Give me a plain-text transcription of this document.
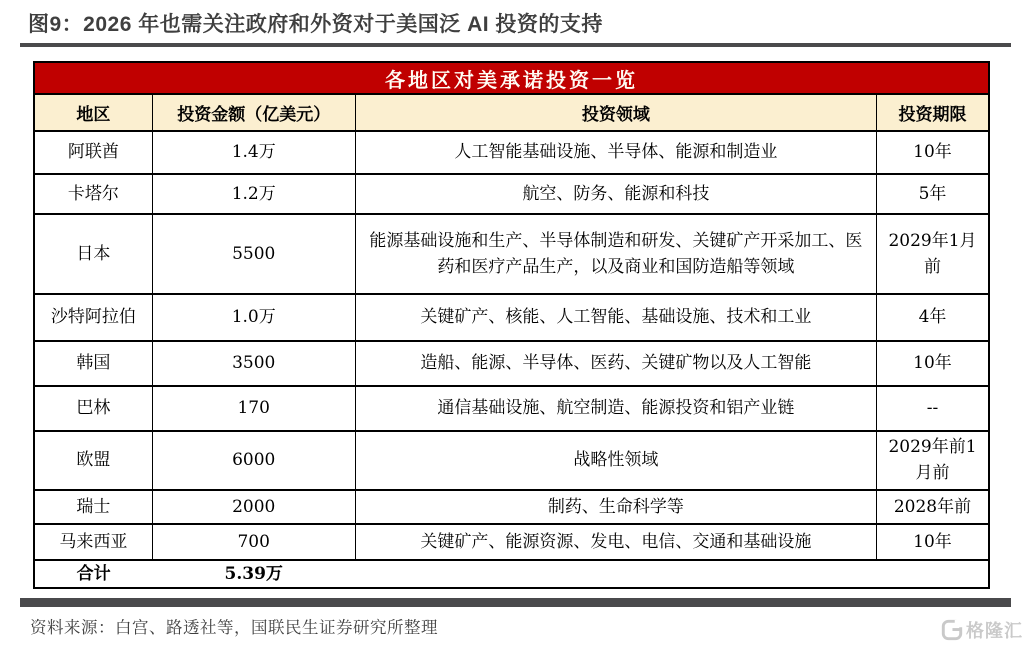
图9：2026 年也需关注政府和外资对于美国泛 AI 投资的支持
各地区对美承诺投资一览			
地区	投资金额（亿美元）	投资领域	投资期限
阿联酋	1.4万	人工智能基础设施、半导体、能源和制造业	10年
卡塔尔	1.2万	航空、防务、能源和科技	5年
日本	5500	能源基础设施和生产、半导体制造和研发、关键矿产开采加工、医药和医疗产品生产，以及商业和国防造船等领域	2029年1月前
沙特阿拉伯	1.0万	关键矿产、核能、人工智能、基础设施、技术和工业	4年
韩国	3500	造船、能源、半导体、医药、关键矿物以及人工智能	10年
巴林	170	通信基础设施、航空制造、能源投资和铝产业链	--
欧盟	6000	战略性领域	2029年前1月前
瑞士	2000	制药、生命科学等	2028年前
马来西亚	700	关键矿产、能源资源、发电、电信、交通和基础设施	10年

合计 5.39万			
资料来源：白宫、路透社等，国联民生证券研究所整理	格隆汇
